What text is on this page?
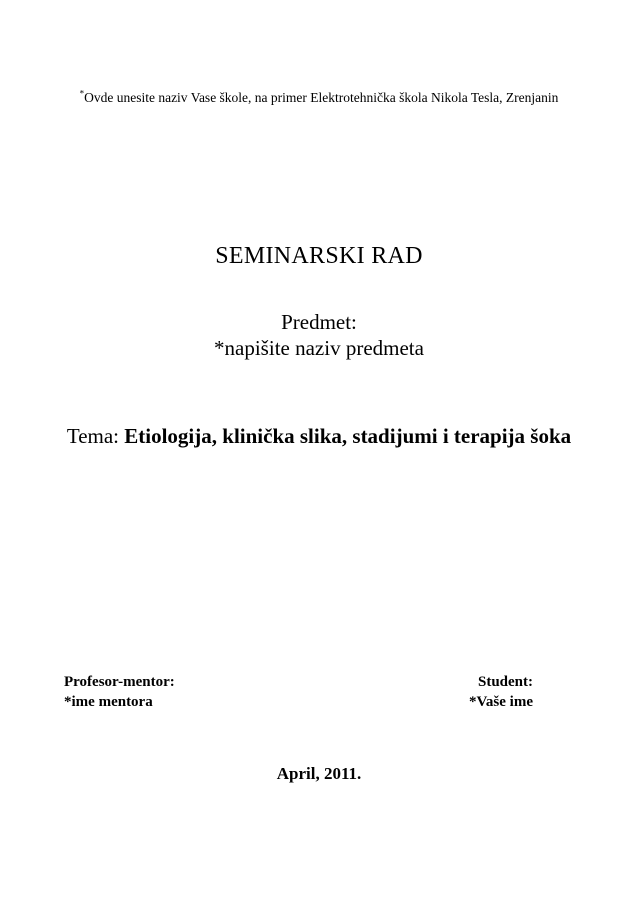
*Ovde unesite naziv Vase škole, na primer Elektrotehnička škola Nikola Tesla, Zrenjanin
SEMINARSKI RAD
Predmet:
*napišite naziv predmeta
Tema: Etiologija, klinička slika, stadijumi i terapija šoka
Profesor-mentor:
*ime mentora
Student:
*Vaše ime
April, 2011.
